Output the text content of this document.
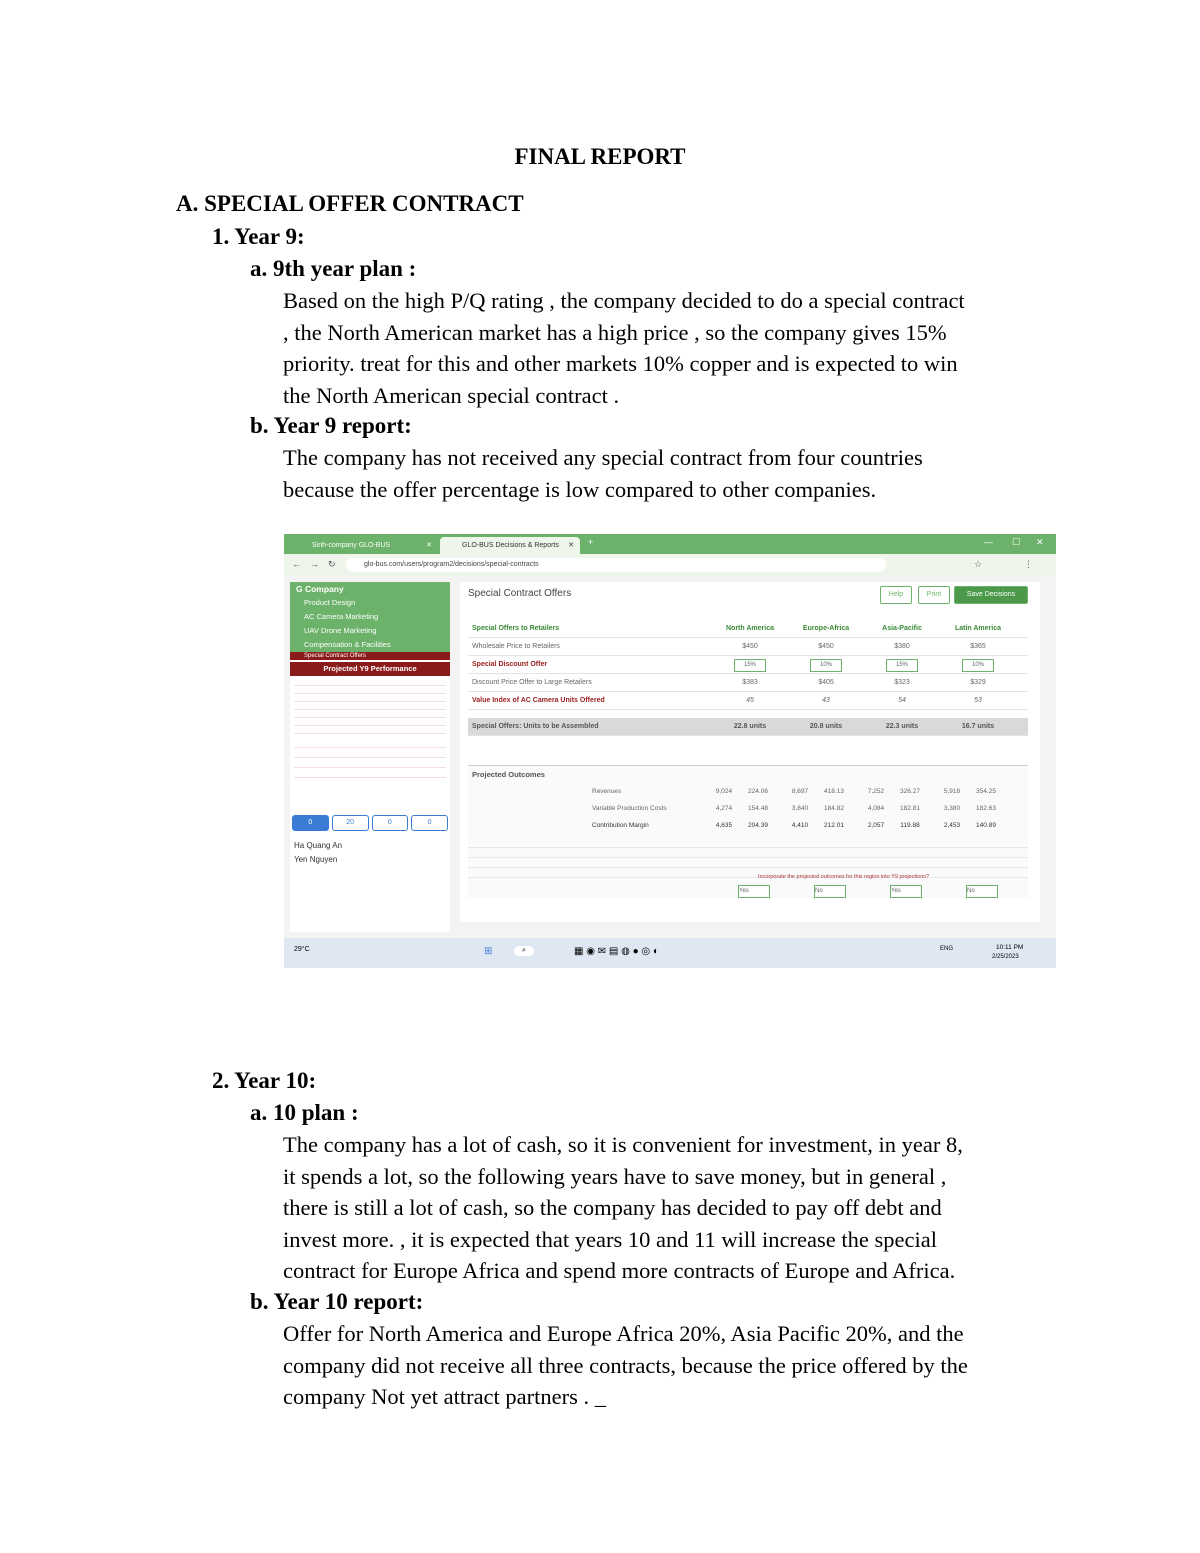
FINAL REPORT
A. SPECIAL OFFER CONTRACT
1. Year 9:
a. 9th year plan :
Based on the high P/Q rating , the company decided to do a special contract
, the North American market has a high price , so the company gives 15%
priority. treat for this and other markets 10% copper and is expected to win
the North American special contract .
b. Year 9 report:
The company has not received any special contract from four countries
because the offer percentage is low compared to other companies.
Sinh-company GLO-BUS	✕	GLO-BUS Decisions & Reports ✕ +	— ☐ ✕
← → ↻	glo-bus.com/users/program2/decisions/special-contracts	☆	⋮
G Company
Product Design
AC Camera Marketing
UAV Drone Marketing
Compensation & Facilities
Special Contract Offers
Projected Y9 Performance
0	20	0	0
Ha Quang An
Yen Nguyen
Special Contract Offers	Help	Print	Save Decisions
Special Offers to Retailers	North America	Europe-Africa	Asia-Pacific	Latin America
Wholesale Price to Retailers	$450	$450	$380	$365
Special Discount Offer	15%	10%	15%	10%
Discount Price Offer to Large Retailers	$383	$405	$323	$329
Value Index of AC Camera Units Offered	45	43	54	53
Special Offers: Units to be Assembled	22.8 units	20.8 units	22.3 units	16.7 units
Projected Outcomes
Revenues	9,024	224.06	8,697	418.13	7,252	326.27	5,918	354.25
Variable Production Costs	4,274	154.48	3,840	184.82	4,084	182.81	3,380	182.63
Contribution Margin	4,635	204.39	4,410	212.01	2,057	119.88	2,453	140.89
Incorporate the projected outcomes for this region into Y9 projections?
Yes	No	Yes	No
29°C	⊞	⌕	▦ ◉ ✉ ▤ ◍ ● ◎ ◐	ENG	10:11 PM
2/25/2023
2. Year 10:
a. 10 plan :
The company has a lot of cash, so it is convenient for investment, in year 8,
it spends a lot, so the following years have to save money, but in general ,
there is still a lot of cash, so the company has decided to pay off debt and
invest more. , it is expected that years 10 and 11 will increase the special
contract for Europe Africa and spend more contracts of Europe and Africa.
b. Year 10 report:
Offer for North America and Europe Africa 20%, Asia Pacific 20%, and the
company did not receive all three contracts, because the price offered by the
company Not yet attract partners . _
